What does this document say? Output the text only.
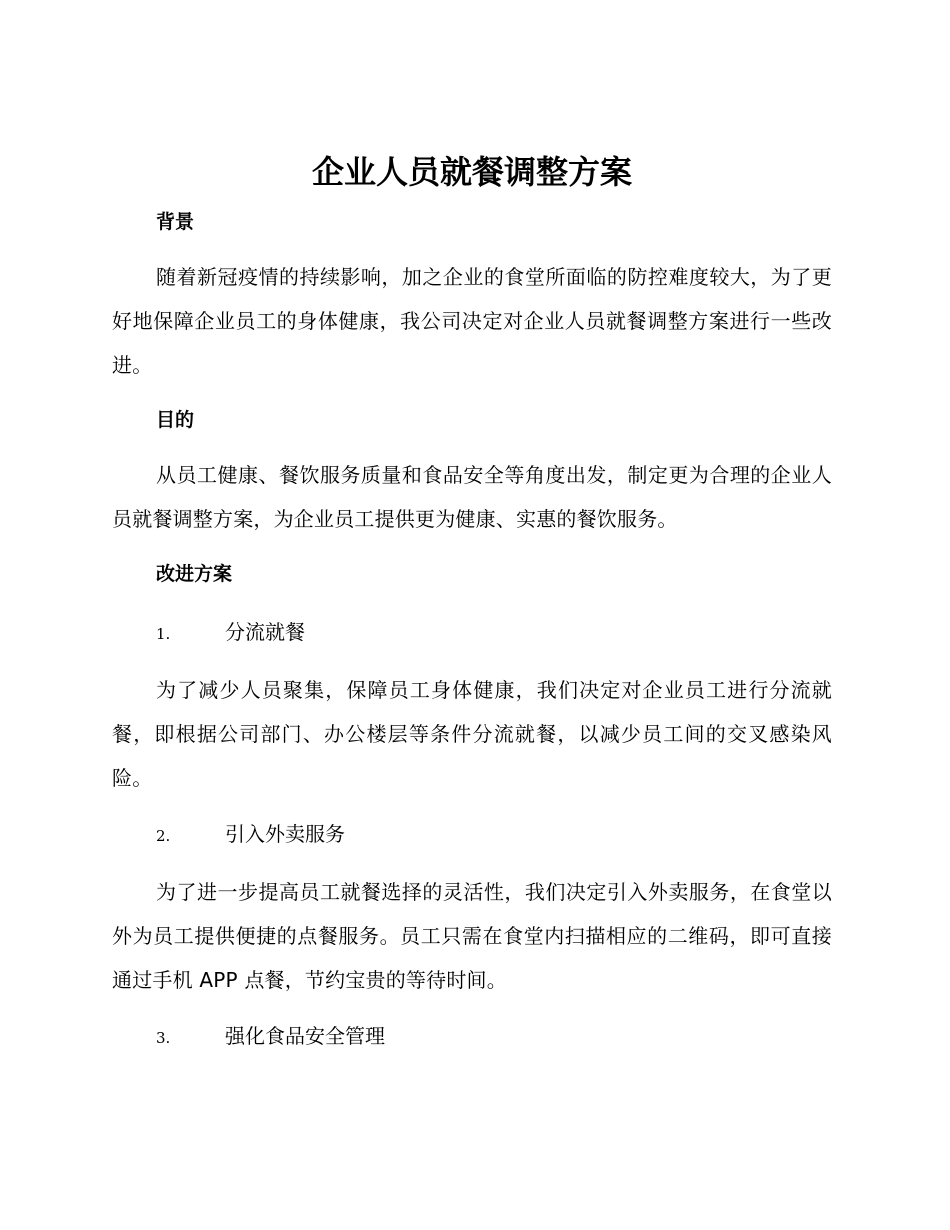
企业人员就餐调整方案
背景

随着新冠疫情的持续影响，加之企业的食堂所面临的防控难度较大，为了更好地保障企业员工的身体健康，我公司决定对企业人员就餐调整方案进行一些改进。

目的

从员工健康、餐饮服务质量和食品安全等角度出发，制定更为合理的企业人员就餐调整方案，为企业员工提供更为健康、实惠的餐饮服务。

改进方案
1.	分流就餐

为了减少人员聚集，保障员工身体健康，我们决定对企业员工进行分流就餐，即根据公司部门、办公楼层等条件分流就餐，以减少员工间的交叉感染风险。

2.	引入外卖服务

为了进一步提高员工就餐选择的灵活性，我们决定引入外卖服务，在食堂以外为员工提供便捷的点餐服务。员工只需在食堂内扫描相应的二维码，即可直接通过手机 APP 点餐，节约宝贵的等待时间。

3.	强化食品安全管理
